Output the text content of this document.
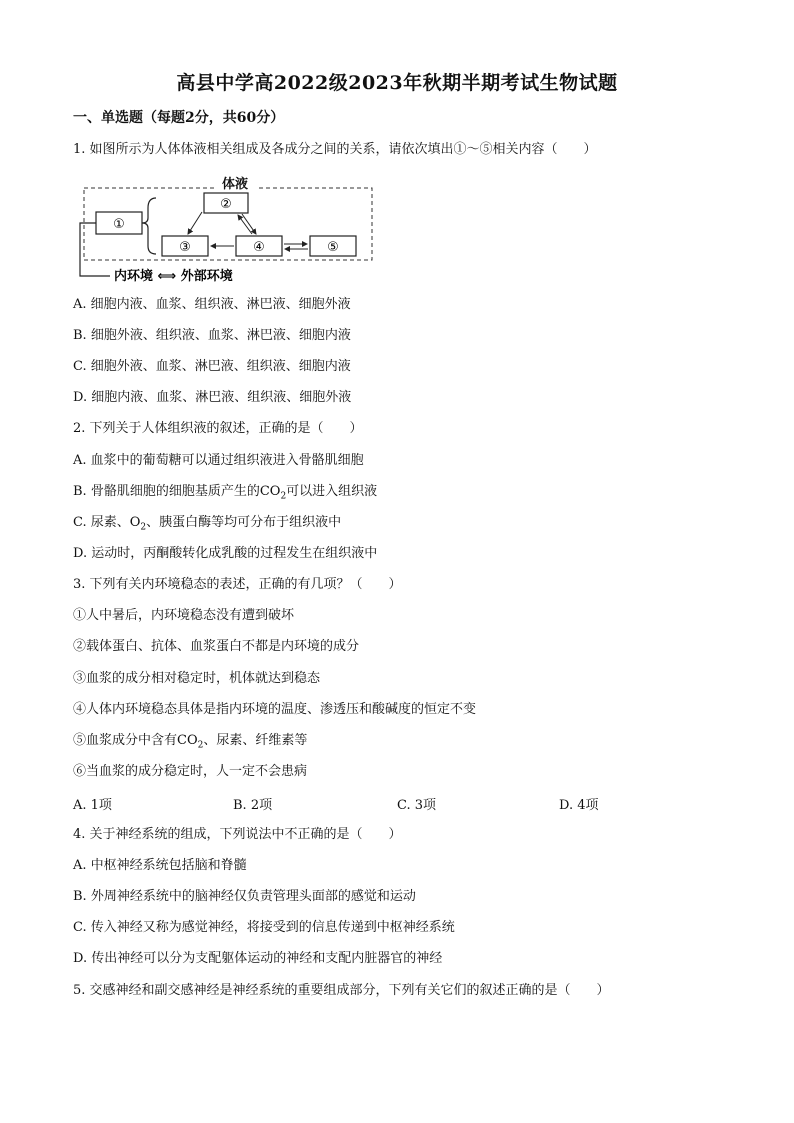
高县中学高2022级2023年秋期半期考试生物试题
一、单选题（每题2分，共60分）
1. 如图所示为人体体液相关组成及各成分之间的关系，请依次填出①～⑤相关内容（　　）
体液
①
②
③	④	⑤
内环境 ⟺ 外部环境
A. 细胞内液、血浆、组织液、淋巴液、细胞外液
B. 细胞外液、组织液、血浆、淋巴液、细胞内液
C. 细胞外液、血浆、淋巴液、组织液、细胞内液
D. 细胞内液、血浆、淋巴液、组织液、细胞外液
2. 下列关于人体组织液的叙述，正确的是（　　）
A. 血浆中的葡萄糖可以通过组织液进入骨骼肌细胞
B. 骨骼肌细胞的细胞基质产生的$CO_2$可以进入组织液
C. 尿素、$O_2$、胰蛋白酶等均可分布于组织液中
D. 运动时，丙酮酸转化成乳酸的过程发生在组织液中
3. 下列有关内环境稳态的表述，正确的有几项？（　　）
①人中暑后，内环境稳态没有遭到破坏
②载体蛋白、抗体、血浆蛋白不都是内环境的成分
③血浆的成分相对稳定时，机体就达到稳态
④人体内环境稳态具体是指内环境的温度、渗透压和酸碱度的恒定不变
⑤血浆成分中含有$CO_2$、尿素、纤维素等
⑥当血浆的成分稳定时，人一定不会患病
A. 1项	B. 2项	C. 3项	D. 4项
4. 关于神经系统的组成，下列说法中不正确的是（　　）
A. 中枢神经系统包括脑和脊髓
B. 外周神经系统中的脑神经仅负责管理头面部的感觉和运动
C. 传入神经又称为感觉神经，将接受到的信息传递到中枢神经系统
D. 传出神经可以分为支配躯体运动的神经和支配内脏器官的神经
5. 交感神经和副交感神经是神经系统的重要组成部分，下列有关它们的叙述正确的是（　　）
